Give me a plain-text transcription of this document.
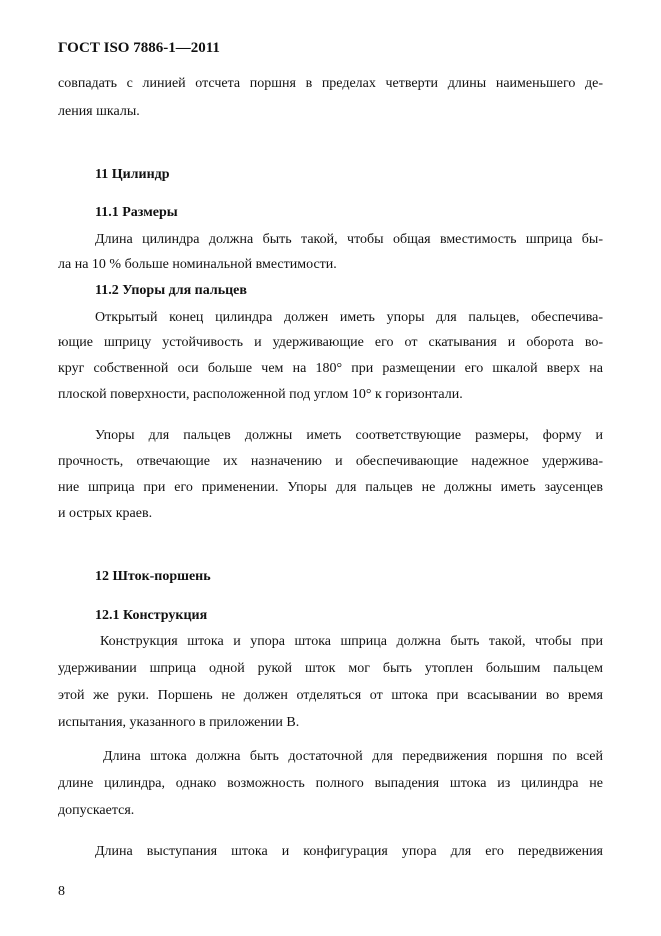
ГОСТ ISO 7886-1—2011
совпадать с линией отсчета поршня в пределах четверти длины наименьшего де-
ления шкалы.
11 Цилиндр
11.1 Размеры
Длина цилиндра должна быть такой, чтобы общая вместимость шприца бы-
ла на 10 % больше номинальной вместимости.
11.2 Упоры для пальцев
Открытый конец цилиндра должен иметь упоры для пальцев, обеспечива-
ющие шприцу устойчивость и удерживающие его от скатывания и оборота во-
круг собственной оси больше чем на 180° при размещении его шкалой вверх на
плоской поверхности, расположенной под углом 10° к горизонтали.
Упоры для пальцев должны иметь соответствующие размеры, форму и
прочность, отвечающие их назначению и обеспечивающие надежное удержива-
ние шприца при его применении. Упоры для пальцев не должны иметь заусенцев
и острых краев.
12 Шток-поршень
12.1 Конструкция
Конструкция штока и упора штока шприца должна быть такой, чтобы при
удерживании шприца одной рукой шток мог быть утоплен большим пальцем
этой же руки. Поршень не должен отделяться от штока при всасывании во время
испытания, указанного в приложении В.
Длина штока должна быть достаточной для передвижения поршня по всей
длине цилиндра, однако возможность полного выпадения штока из цилиндра не
допускается.
Длина выступания штока и конфигурация упора для его передвижения
8
